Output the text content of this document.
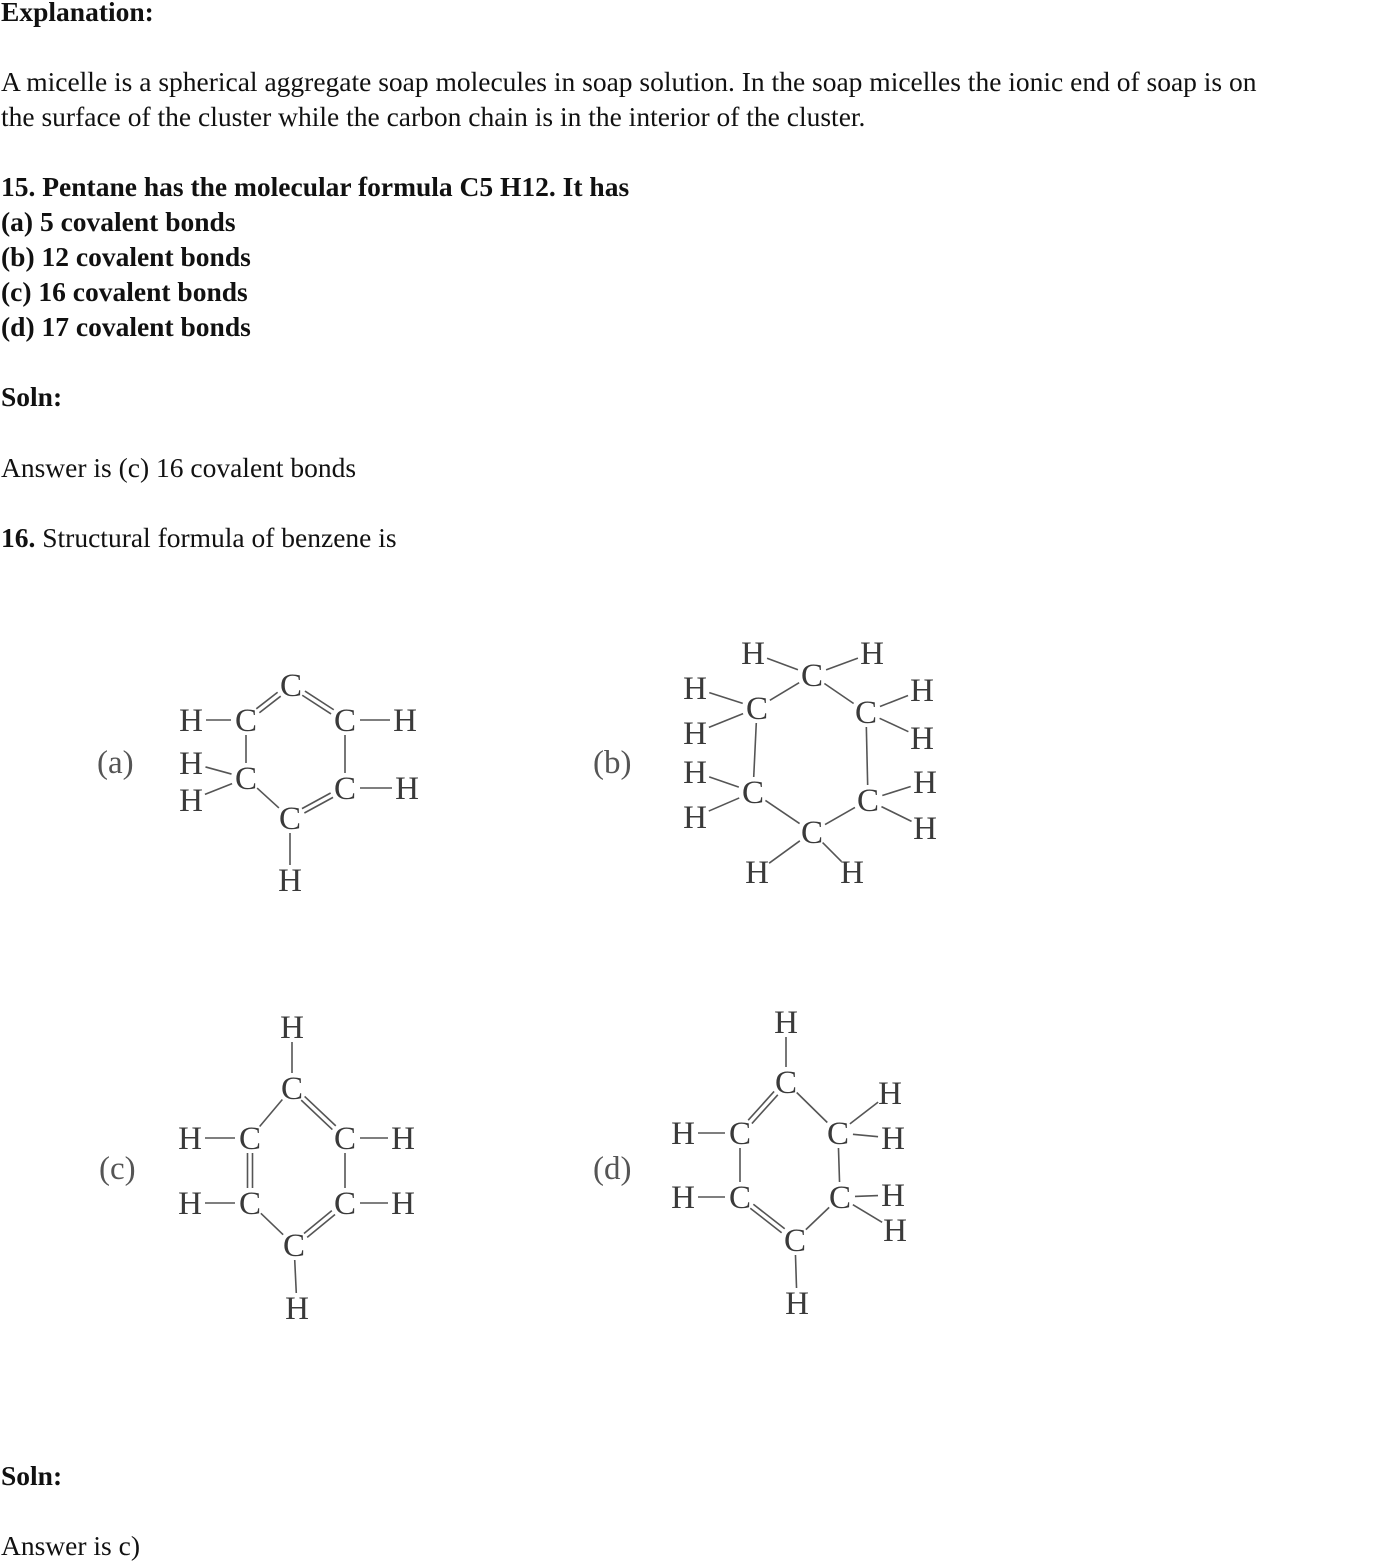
Explanation:
A micelle is a spherical aggregate soap molecules in soap solution. In the soap micelles the ionic end of soap is on
the surface of the cluster while the carbon chain is in the interior of the cluster.
15. Pentane has the molecular formula C5 H12. It has
(a) 5 covalent bonds
(b) 12 covalent bonds
(c) 16 covalent bonds
(d) 17 covalent bonds
Soln:
Answer is (c) 16 covalent bonds
16. Structural formula of benzene is
(a)	(b)
(c)	(d)
C
C
H	C H
C
H
H	C H
C
H
C
H	H
C
H
H
C
H
H
C
H
H	C H
H
C
H H
H
C
C
H	C H
C
H	C H
C
H
H
C
C
H	C
H
H
C
H	C H
H
C
H
Soln:
Answer is c)
